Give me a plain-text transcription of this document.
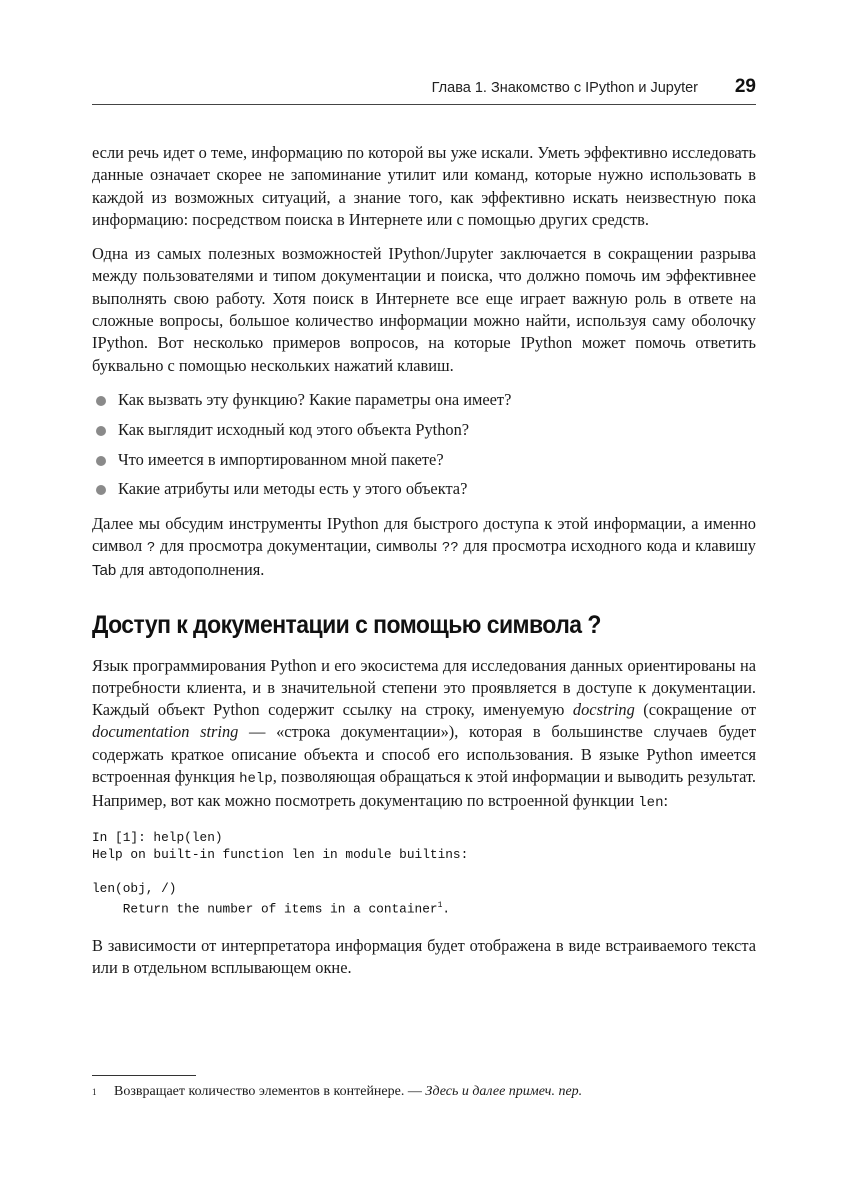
Глава 1. Знакомство с IPython и Jupyter 29

если речь идет о теме, информацию по которой вы уже искали. Уметь эффективно исследовать данные означает скорее не запоминание утилит или команд, которые нужно использовать в каждой из возможных ситуаций, а знание того, как эффективно искать неизвестную пока информацию: посредством поиска в Интернете или с помощью других средств.

Одна из самых полезных возможностей IPython/Jupyter заключается в сокращении разрыва между пользователями и типом документации и поиска, что должно помочь им эффективнее выполнять свою работу. Хотя поиск в Интернете все еще играет важную роль в ответе на сложные вопросы, большое количество информации можно найти, используя саму оболочку IPython. Вот несколько примеров вопросов, на которые IPython может помочь ответить буквально с помощью нескольких нажатий клавиш.

Как вызвать эту функцию? Какие параметры она имеет?
Как выглядит исходный код этого объекта Python?
Что имеется в импортированном мной пакете?
Какие атрибуты или методы есть у этого объекта?

Далее мы обсудим инструменты IPython для быстрого доступа к этой информации, а именно символ ? для просмотра документации, символы ?? для просмотра исходного кода и клавишу Tab для автодополнения.

Доступ к документации с помощью символа ?

Язык программирования Python и его экосистема для исследования данных ориентированы на потребности клиента, и в значительной степени это проявляется в доступе к документации. Каждый объект Python содержит ссылку на строку, именуемую docstring (сокращение от documentation string — «строка документации»), которая в большинстве случаев будет содержать краткое описание объекта и способ его использования. В языке Python имеется встроенная функция help, позволяющая обращаться к этой информации и выводить результат. Например, вот как можно посмотреть документацию по встроенной функции len:

In [1]: help(len)
Help on built-in function len in module builtins:
len(obj, /)
Return the number of items in a container$^1$.

В зависимости от интерпретатора информация будет отображена в виде встраиваемого текста или в отдельном всплывающем окне.

1 Возвращает количество элементов в контейнере. — Здесь и далее примеч. пер.
